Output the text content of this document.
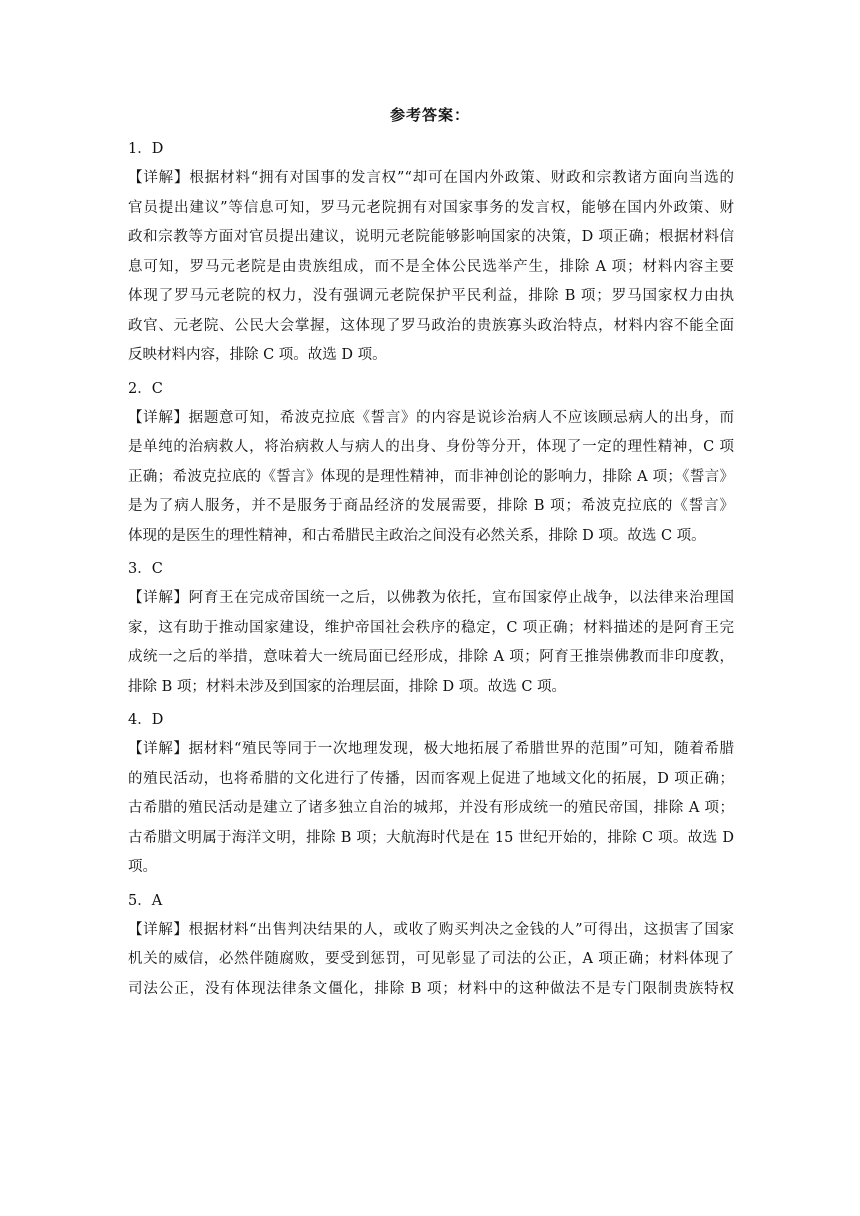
参考答案：
1．D
【详解】根据材料“拥有对国事的发言权”“却可在国内外政策、财政和宗教诸方面向当选的
官员提出建议”等信息可知，罗马元老院拥有对国家事务的发言权，能够在国内外政策、财
政和宗教等方面对官员提出建议，说明元老院能够影响国家的决策，D 项正确；根据材料信
息可知，罗马元老院是由贵族组成，而不是全体公民选举产生，排除 A 项；材料内容主要
体现了罗马元老院的权力，没有强调元老院保护平民利益，排除 B 项；罗马国家权力由执
政官、元老院、公民大会掌握，这体现了罗马政治的贵族寡头政治特点，材料内容不能全面
反映材料内容，排除 C 项。故选 D 项。
2．C
【详解】据题意可知，希波克拉底《誓言》的内容是说诊治病人不应该顾忌病人的出身，而
是单纯的治病救人，将治病救人与病人的出身、身份等分开，体现了一定的理性精神，C 项
正确；希波克拉底的《誓言》体现的是理性精神，而非神创论的影响力，排除 A 项；《誓言》
是为了病人服务，并不是服务于商品经济的发展需要，排除 B 项；希波克拉底的《誓言》
体现的是医生的理性精神，和古希腊民主政治之间没有必然关系，排除 D 项。故选 C 项。
3．C
【详解】阿育王在完成帝国统一之后，以佛教为依托，宣布国家停止战争，以法律来治理国
家，这有助于推动国家建设，维护帝国社会秩序的稳定，C 项正确；材料描述的是阿育王完
成统一之后的举措，意味着大一统局面已经形成，排除 A 项；阿育王推崇佛教而非印度教，
排除 B 项；材料未涉及到国家的治理层面，排除 D 项。故选 C 项。
4．D
【详解】据材料“殖民等同于一次地理发现，极大地拓展了希腊世界的范围”可知，随着希腊
的殖民活动，也将希腊的文化进行了传播，因而客观上促进了地域文化的拓展，D 项正确；
古希腊的殖民活动是建立了诸多独立自治的城邦，并没有形成统一的殖民帝国，排除 A 项；
古希腊文明属于海洋文明，排除 B 项；大航海时代是在 15 世纪开始的，排除 C 项。故选 D
项。
5．A
【详解】根据材料“出售判决结果的人，或收了购买判决之金钱的人”可得出，这损害了国家
机关的威信，必然伴随腐败，要受到惩罚，可见彰显了司法的公正，A 项正确；材料体现了
司法公正，没有体现法律条文僵化，排除 B 项；材料中的这种做法不是专门限制贵族特权
